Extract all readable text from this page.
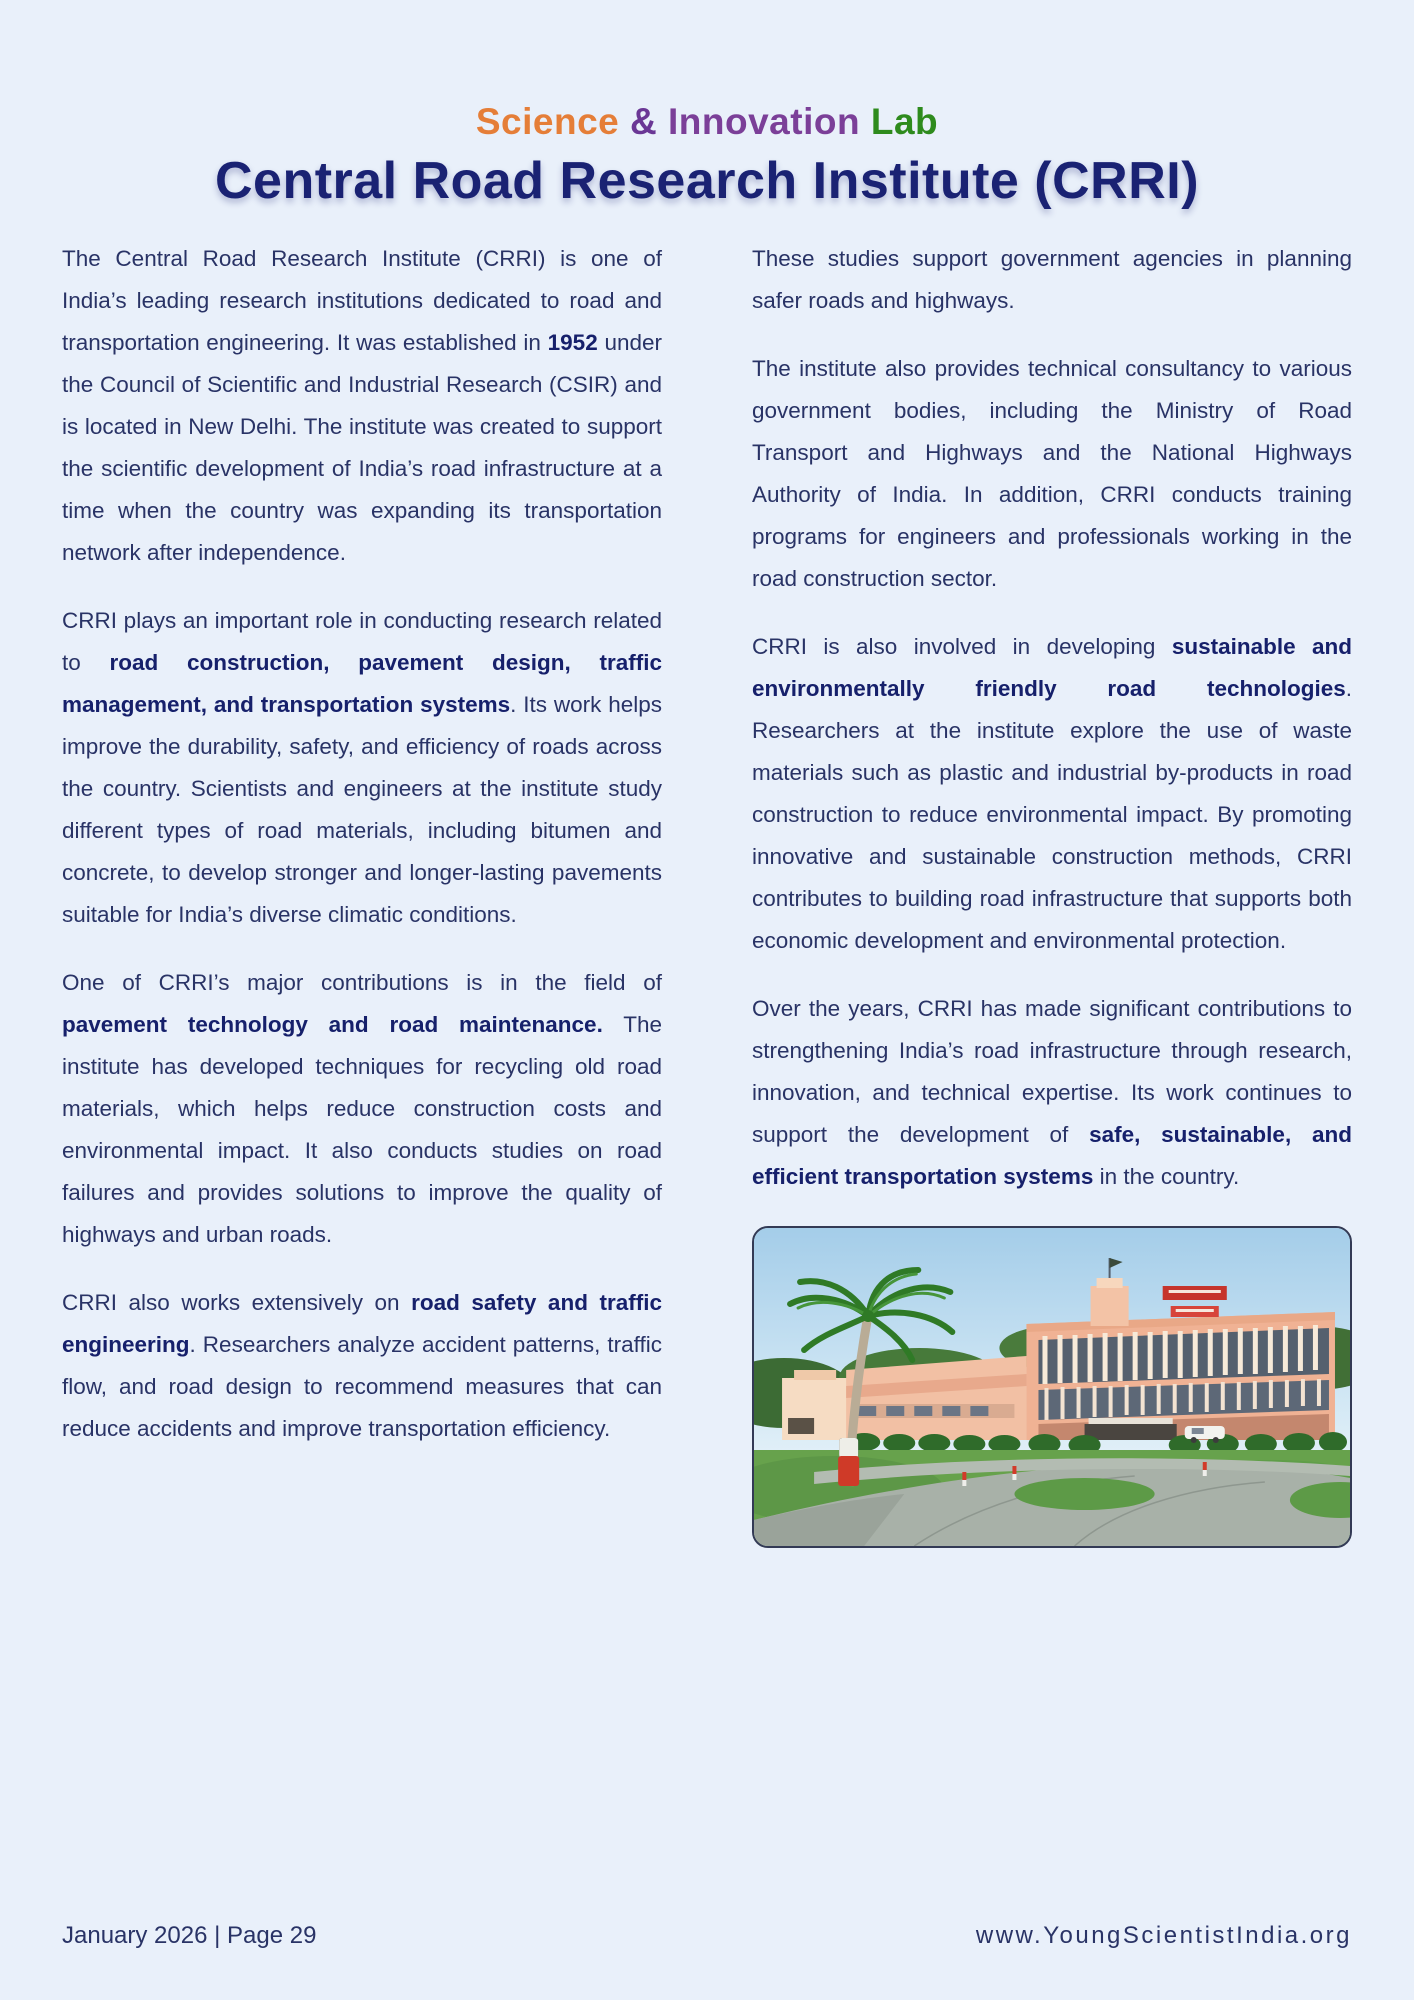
Science & Innovation Lab
Central Road Research Institute (CRRI)

The Central Road Research Institute (CRRI) is one of India’s leading research institutions dedicated to road and transportation engineering. It was established in 1952 under the Council of Scientific and Industrial Research (CSIR) and is located in New Delhi. The institute was created to support the scientific development of India’s road infrastructure at a time when the country was expanding its transportation network after independence.

CRRI plays an important role in conducting research related to road construction, pavement design, traffic management, and transportation systems. Its work helps improve the durability, safety, and efficiency of roads across the country. Scientists and engineers at the institute study different types of road materials, including bitumen and concrete, to develop stronger and longer-lasting pavements suitable for India’s diverse climatic conditions.

One of CRRI’s major contributions is in the field of pavement technology and road maintenance. The institute has developed techniques for recycling old road materials, which helps reduce construction costs and environmental impact. It also conducts studies on road failures and provides solutions to improve the quality of highways and urban roads.

CRRI also works extensively on road safety and traffic engineering. Researchers analyze accident patterns, traffic flow, and road design to recommend measures that can reduce accidents and improve transportation efficiency.

These studies support government agencies in planning safer roads and highways.

The institute also provides technical consultancy to various government bodies, including the Ministry of Road Transport and Highways and the National Highways Authority of India. In addition, CRRI conducts training programs for engineers and professionals working in the road construction sector.

CRRI is also involved in developing sustainable and environmentally friendly road technologies. Researchers at the institute explore the use of waste materials such as plastic and industrial by-products in road construction to reduce environmental impact. By promoting innovative and sustainable construction methods, CRRI contributes to building road infrastructure that supports both economic development and environmental protection.

Over the years, CRRI has made significant contributions to strengthening India’s road infrastructure through research, innovation, and technical expertise. Its work continues to support the development of safe, sustainable, and efficient transportation systems in the country.

January 2026 | Page 29	www.YoungScientistIndia.org
